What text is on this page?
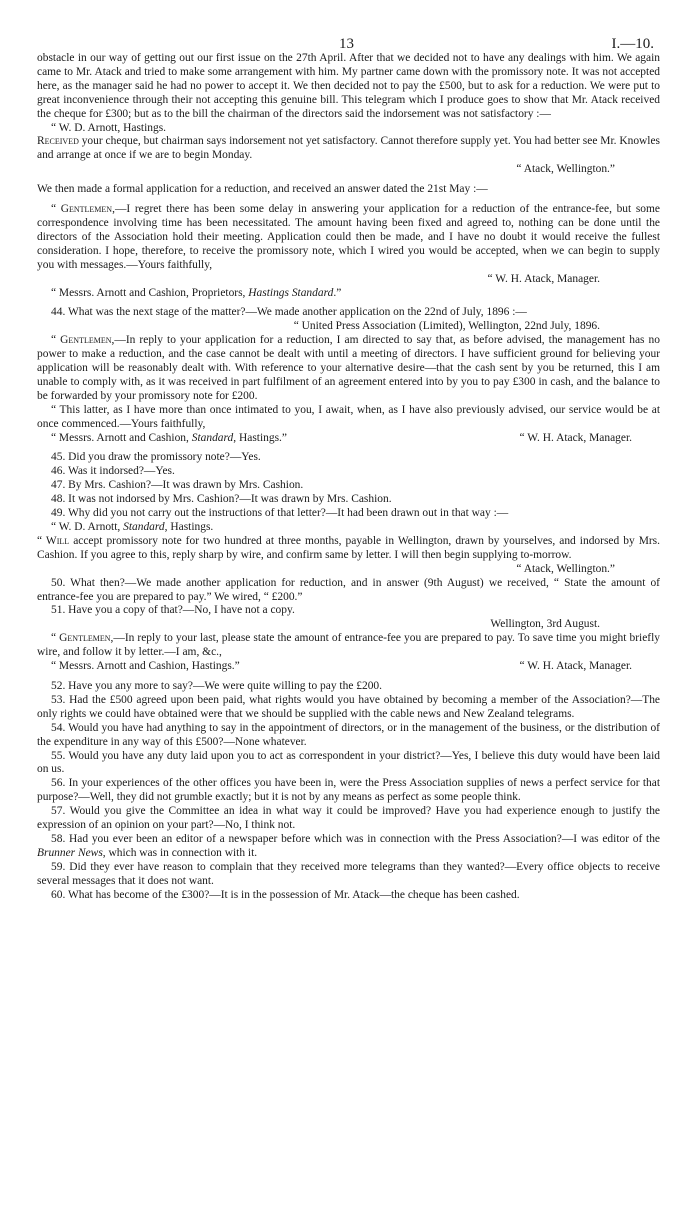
13	I.—10.

obstacle in our way of getting out our first issue on the 27th April. After that we decided not to have any dealings with him. We again came to Mr. Atack and tried to make some arrangement with him. My partner came down with the promissory note. It was not accepted here, as the manager said he had no power to accept it. We then decided not to pay the £500, but to ask for a reduction. We were put to great inconvenience through their not accepting this genuine bill. This telegram which I produce goes to show that Mr. Atack received the cheque for £300; but as to the bill the chairman of the directors said the indorsement was not satisfactory :—

“ W. D. Arnott, Hastings.

Received your cheque, but chairman says indorsement not yet satisfactory. Cannot therefore supply yet. You had better see Mr. Knowles and arrange at once if we are to begin Monday.

“ Atack, Wellington.”

We then made a formal application for a reduction, and received an answer dated the 21st May :—

“ Gentlemen,—I regret there has been some delay in answering your application for a reduction of the entrance-fee, but some correspondence involving time has been necessitated. The amount having been fixed and agreed to, nothing can be done until the directors of the Association hold their meeting. Application could then be made, and I have no doubt it would receive the fullest consideration. I hope, therefore, to receive the promissory note, which I wired you would be accepted, when we can begin to supply you with messages.—Yours faithfully,

“ W. H. Atack, Manager.

“ Messrs. Arnott and Cashion, Proprietors, Hastings Standard.”

44. What was the next stage of the matter?—We made another application on the 22nd of July, 1896 :—

“ United Press Association (Limited), Wellington, 22nd July, 1896.

“ Gentlemen,—In reply to your application for a reduction, I am directed to say that, as before advised, the management has no power to make a reduction, and the case cannot be dealt with until a meeting of directors. I have sufficient ground for believing your application will be reasonably dealt with. With reference to your alternative desire—that the cash sent by you be returned, this I am unable to comply with, as it was received in part fulfilment of an agreement entered into by you to pay £300 in cash, and the balance to be forwarded by your promissory note for £200.

“ This latter, as I have more than once intimated to you, I await, when, as I have also previously advised, our service would be at once commenced.—Yours faithfully,

“ Messrs. Arnott and Cashion, Standard, Hastings.”	“ W. H. Atack, Manager.

45. Did you draw the promissory note?—Yes.

46. Was it indorsed?—Yes.

47. By Mrs. Cashion?—It was drawn by Mrs. Cashion.

48. It was not indorsed by Mrs. Cashion?—It was drawn by Mrs. Cashion.

49. Why did you not carry out the instructions of that letter?—It had been drawn out in that way :—

“ W. D. Arnott, Standard, Hastings.

“ Will accept promissory note for two hundred at three months, payable in Wellington, drawn by yourselves, and indorsed by Mrs. Cashion. If you agree to this, reply sharp by wire, and confirm same by letter. I will then begin supplying to-morrow.

“ Atack, Wellington.”

50. What then?—We made another application for reduction, and in answer (9th August) we received, “ State the amount of entrance-fee you are prepared to pay.” We wired, “ £200.”

51. Have you a copy of that?—No, I have not a copy.

Wellington, 3rd August.

“ Gentlemen,—In reply to your last, please state the amount of entrance-fee you are prepared to pay. To save time you might briefly wire, and follow it by letter.—I am, &c.,

“ Messrs. Arnott and Cashion, Hastings.”	“ W. H. Atack, Manager.

52. Have you any more to say?—We were quite willing to pay the £200.

53. Had the £500 agreed upon been paid, what rights would you have obtained by becoming a member of the Association?—The only rights we could have obtained were that we should be supplied with the cable news and New Zealand telegrams.

54. Would you have had anything to say in the appointment of directors, or in the management of the business, or the distribution of the expenditure in any way of this £500?—None whatever.

55. Would you have any duty laid upon you to act as correspondent in your district?—Yes, I believe this duty would have been laid on us.

56. In your experiences of the other offices you have been in, were the Press Association supplies of news a perfect service for that purpose?—Well, they did not grumble exactly; but it is not by any means as perfect as some people think.

57. Would you give the Committee an idea in what way it could be improved? Have you had experience enough to justify the expression of an opinion on your part?—No, I think not.

58. Had you ever been an editor of a newspaper before which was in connection with the Press Association?—I was editor of the Brunner News, which was in connection with it.

59. Did they ever have reason to complain that they received more telegrams than they wanted?—Every office objects to receive several messages that it does not want.

60. What has become of the £300?—It is in the possession of Mr. Atack—the cheque has been cashed.
